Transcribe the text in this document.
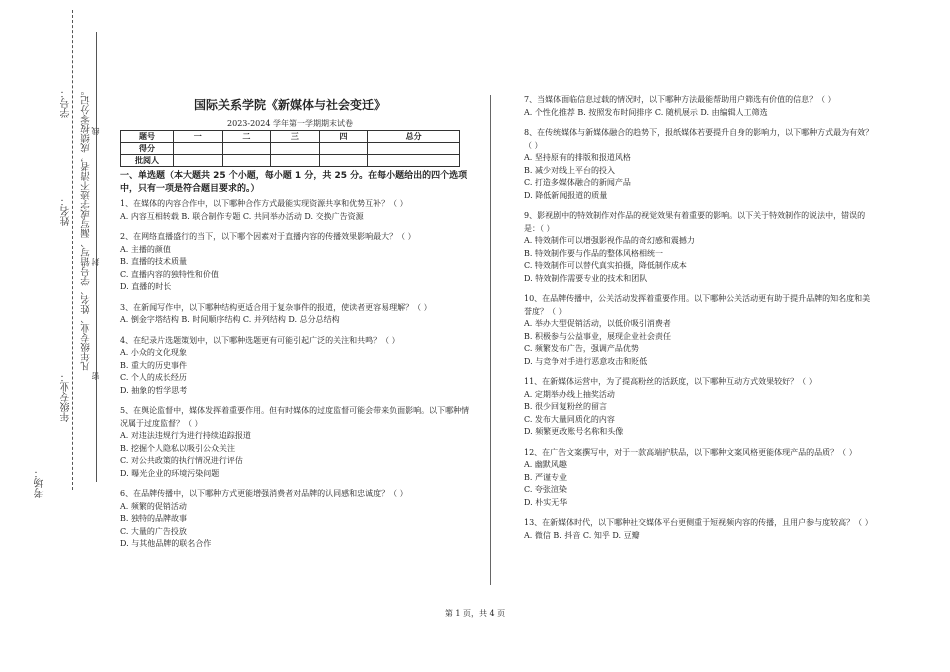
学号：
姓名：
年级专业：
考场：
凡年级专业、姓名、学号错写、漏写或字迹不清者，成绩按零分记。 线
封
密
国际关系学院《新媒体与社会变迁》
2023-2024 学年第一学期期末试卷
题号	一	二	三	四	总分
得分					
批阅人					

一、单选题（本大题共 25 个小题，每小题 1 分，共 25 分。在每小题给出的四个选项中，只有一项是符合题目要求的。）

1、在媒体的内容合作中，以下哪种合作方式最能实现资源共享和优势互补？（ ）

A. 内容互相转载 B. 联合制作专题 C. 共同举办活动 D. 交换广告资源

2、在网络直播盛行的当下，以下哪个因素对于直播内容的传播效果影响最大？（ ）

A. 主播的颜值

B. 直播的技术质量

C. 直播内容的独特性和价值

D. 直播的时长

3、在新闻写作中，以下哪种结构更适合用于复杂事件的报道，使读者更容易理解？（ ）

A. 倒金字塔结构 B. 时间顺序结构 C. 并列结构 D. 总分总结构

4、在纪录片选题策划中，以下哪种选题更有可能引起广泛的关注和共鸣？（ ）

A. 小众的文化现象

B. 重大的历史事件

C. 个人的成长经历

D. 抽象的哲学思考

5、在舆论监督中，媒体发挥着重要作用。但有时媒体的过度监督可能会带来负面影响。以下哪种情况属于过度监督？（ ）

A. 对违法违规行为进行持续追踪报道

B. 挖掘个人隐私以吸引公众关注

C. 对公共政策的执行情况进行评估

D. 曝光企业的环境污染问题

6、在品牌传播中，以下哪种方式更能增强消费者对品牌的认同感和忠诚度？（ ）

A. 频繁的促销活动

B. 独特的品牌故事

C. 大量的广告投放

D. 与其他品牌的联名合作

7、当媒体面临信息过载的情况时，以下哪种方法最能帮助用户筛选有价值的信息？（ ）

A. 个性化推荐 B. 按照发布时间排序 C. 随机展示 D. 由编辑人工筛选

8、在传统媒体与新媒体融合的趋势下，报纸媒体若要提升自身的影响力，以下哪种方式最为有效？（ ）

A. 坚持原有的排版和报道风格

B. 减少对线上平台的投入

C. 打造多媒体融合的新闻产品

D. 降低新闻报道的质量

9、影视剧中的特效制作对作品的视觉效果有着重要的影响。以下关于特效制作的说法中，错误的是：（ ）

A. 特效制作可以增强影视作品的奇幻感和震撼力

B. 特效制作要与作品的整体风格相统一

C. 特效制作可以替代真实拍摄，降低制作成本

D. 特效制作需要专业的技术和团队

10、在品牌传播中，公关活动发挥着重要作用。以下哪种公关活动更有助于提升品牌的知名度和美誉度？（ ）

A. 举办大型促销活动，以低价吸引消费者

B. 积极参与公益事业，展现企业社会责任

C. 频繁发布广告，强调产品优势

D. 与竞争对手进行恶意攻击和贬低

11、在新媒体运营中，为了提高粉丝的活跃度，以下哪种互动方式效果较好？（ ）

A. 定期举办线上抽奖活动

B. 很少回复粉丝的留言

C. 发布大量同质化的内容

D. 频繁更改账号名称和头像

12、在广告文案撰写中，对于一款高端护肤品，以下哪种文案风格更能体现产品的品质？（ ）

A. 幽默风趣

B. 严谨专业

C. 夸张渲染

D. 朴实无华

13、在新媒体时代，以下哪种社交媒体平台更侧重于短视频内容的传播，且用户参与度较高？（ ）

A. 微信 B. 抖音 C. 知乎 D. 豆瓣

第 1 页，共 4 页
